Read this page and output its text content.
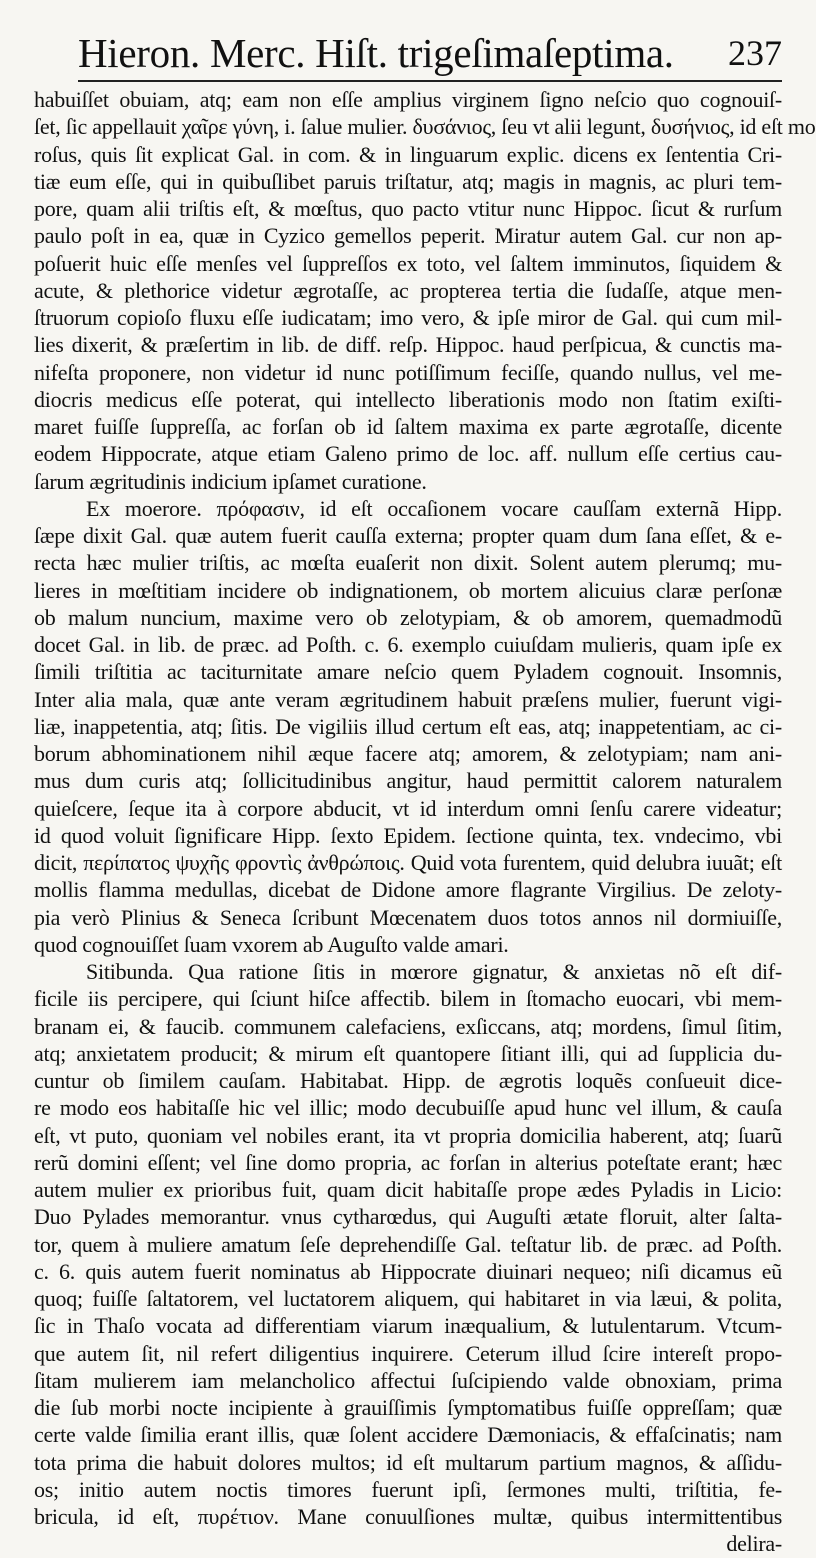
Hieron. Merc. Hiſt. trigeſimaſeptima. 237
habuiſſet obuiam, atq; eam non eſſe amplius virginem ſigno neſcio quo cognouiſ-
ſet, ſic appellauit χαῖρε γύνη, i. ſalue mulier. δυσάνιος, ſeu vt alii legunt, δυσήνιος, id eſt mo
roſus, quis ſit explicat Gal. in com. & in linguarum explic. dicens ex ſententia Cri-
tiæ eum eſſe, qui in quibuſlibet paruis triſtatur, atq; magis in magnis, ac pluri tem-
pore, quam alii triſtis eſt, & mœſtus, quo pacto vtitur nunc Hippoc. ſicut & rurſum
paulo poſt in ea, quæ in Cyzico gemellos peperit. Miratur autem Gal. cur non ap-
poſuerit huic eſſe menſes vel ſuppreſſos ex toto, vel ſaltem imminutos, ſiquidem &
acute, & plethorice videtur ægrotaſſe, ac propterea tertia die ſudaſſe, atque men-
ſtruorum copioſo fluxu eſſe iudicatam; imo vero, & ipſe miror de Gal. qui cum mil-
lies dixerit, & præſertim in lib. de diff. reſp. Hippoc. haud perſpicua, & cunctis ma-
nifeſta proponere, non videtur id nunc potiſſimum feciſſe, quando nullus, vel me-
diocris medicus eſſe poterat, qui intellecto liberationis modo non ſtatim exiſti-
maret fuiſſe ſuppreſſa, ac forſan ob id ſaltem maxima ex parte ægrotaſſe, dicente
eodem Hippocrate, atque etiam Galeno primo de loc. aff. nullum eſſe certius cau-
ſarum ægritudinis indicium ipſamet curatione.
Ex moerore. πρόφασιν, id eſt occaſionem vocare cauſſam externã Hipp.
ſæpe dixit Gal. quæ autem fuerit cauſſa externa; propter quam dum ſana eſſet, & e-
recta hæc mulier triſtis, ac mœſta euaſerit non dixit. Solent autem plerumq; mu-
lieres in mœſtitiam incidere ob indignationem, ob mortem alicuius claræ perſonæ
ob malum nuncium, maxime vero ob zelotypiam, & ob amorem, quemadmodũ
docet Gal. in lib. de præc. ad Poſth. c. 6. exemplo cuiuſdam mulieris, quam ipſe ex
ſimili triſtitia ac taciturnitate amare neſcio quem Pyladem cognouit. Insomnis,
Inter alia mala, quæ ante veram ægritudinem habuit præſens mulier, fuerunt vigi-
liæ, inappetentia, atq; ſitis. De vigiliis illud certum eſt eas, atq; inappetentiam, ac ci-
borum abhominationem nihil æque facere atq; amorem, & zelotypiam; nam ani-
mus dum curis atq; ſollicitudinibus angitur, haud permittit calorem naturalem
quieſcere, ſeque ita à corpore abducit, vt id interdum omni ſenſu carere videatur;
id quod voluit ſignificare Hipp. ſexto Epidem. ſectione quinta, tex. vndecimo, vbi
dicit, περίπατος ψυχῆς φροντὶς ἀνθρώποις. Quid vota furentem, quid delubra iuuãt; eſt
mollis flamma medullas, dicebat de Didone amore flagrante Virgilius. De zeloty-
pia verò Plinius & Seneca ſcribunt Mœcenatem duos totos annos nil dormiuiſſe,
quod cognouiſſet ſuam vxorem ab Auguſto valde amari.
Sitibunda. Qua ratione ſitis in mœrore gignatur, & anxietas nõ eſt dif-
ficile iis percipere, qui ſciunt hiſce affectib. bilem in ſtomacho euocari, vbi mem-
branam ei, & faucib. communem calefaciens, exſiccans, atq; mordens, ſimul ſitim,
atq; anxietatem producit; & mirum eſt quantopere ſitiant illi, qui ad ſupplicia du-
cuntur ob ſimilem cauſam. Habitabat. Hipp. de ægrotis loquẽs conſueuit dice-
re modo eos habitaſſe hic vel illic; modo decubuiſſe apud hunc vel illum, & cauſa
eſt, vt puto, quoniam vel nobiles erant, ita vt propria domicilia haberent, atq; ſuarũ
rerũ domini eſſent; vel ſine domo propria, ac forſan in alterius poteſtate erant; hæc
autem mulier ex prioribus fuit, quam dicit habitaſſe prope ædes Pyladis in Licio:
Duo Pylades memorantur. vnus cytharœdus, qui Auguſti ætate floruit, alter ſalta-
tor, quem à muliere amatum ſeſe deprehendiſſe Gal. teſtatur lib. de præc. ad Poſth.
c. 6. quis autem fuerit nominatus ab Hippocrate diuinari nequeo; niſi dicamus eũ
quoq; fuiſſe ſaltatorem, vel luctatorem aliquem, qui habitaret in via læui, & polita,
ſic in Thaſo vocata ad differentiam viarum inæqualium, & lutulentarum. Vtcum-
que autem ſit, nil refert diligentius inquirere. Ceterum illud ſcire intereſt propo-
ſitam mulierem iam melancholico affectui ſuſcipiendo valde obnoxiam, prima
die ſub morbi nocte incipiente à grauiſſimis ſymptomatibus fuiſſe oppreſſam; quæ
certe valde ſimilia erant illis, quæ ſolent accidere Dæmoniacis, & effaſcinatis; nam
tota prima die habuit dolores multos; id eſt multarum partium magnos, & aſſidu-
os; initio autem noctis timores fuerunt ipſi, ſermones multi, triſtitia, fe-
bricula, id eſt, πυρέτιον. Mane conuulſiones multæ, quibus intermittentibus
delira-
